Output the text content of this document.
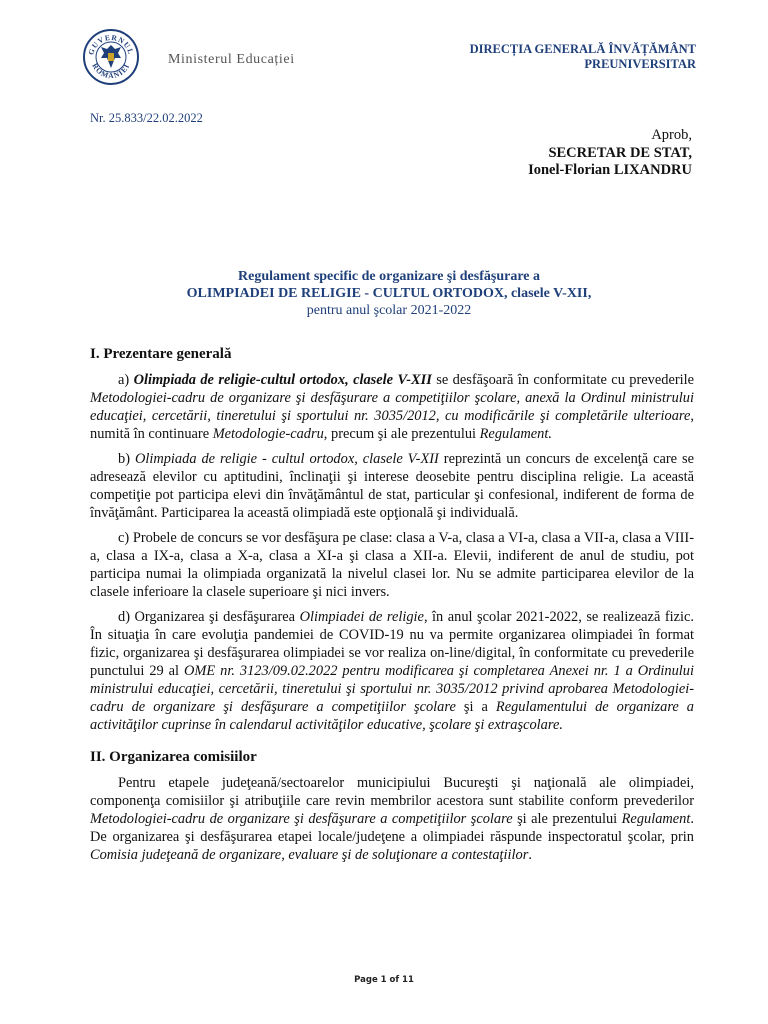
GUVERNUL
ROMÂNIEI	Ministerul Educației
DIRECȚIA GENERALĂ ÎNVĂȚĂMÂNT
PREUNIVERSITAR
Nr. 25.833/22.02.2022
Aprob,
SECRETAR DE STAT,
Ionel-Florian LIXANDRU
Regulament specific de organizare şi desfăşurare a
OLIMPIADEI DE RELIGIE - CULTUL ORTODOX, clasele V-XII,
pentru anul şcolar 2021-2022
I. Prezentare generală

a) Olimpiada de religie-cultul ortodox, clasele V-XII se desfăşoară în conformitate cu prevederile Metodologiei-cadru de organizare şi desfăşurare a competiţiilor şcolare, anexă la Ordinul ministrului educaţiei, cercetării, tineretului şi sportului nr. 3035/2012, cu modificările şi completările ulterioare, numită în continuare Metodologie-cadru, precum şi ale prezentului Regulament.

b) Olimpiada de religie - cultul ortodox, clasele V-XII reprezintă un concurs de excelenţă care se adresează elevilor cu aptitudini, înclinaţii şi interese deosebite pentru disciplina religie. La această competiţie pot participa elevi din învăţământul de stat, particular şi confesional, indiferent de forma de învăţământ. Participarea la această olimpiadă este opţională şi individuală.

c) Probele de concurs se vor desfăşura pe clase: clasa a V-a, clasa a VI-a, clasa a VII-a, clasa a VIII-a, clasa a IX-a, clasa a X-a, clasa a XI-a şi clasa a XII-a. Elevii, indiferent de anul de studiu, pot participa numai la olimpiada organizată la nivelul clasei lor. Nu se admite participarea elevilor de la clasele inferioare la clasele superioare şi nici invers.

d) Organizarea şi desfăşurarea Olimpiadei de religie, în anul şcolar 2021-2022, se realizează fizic. În situaţia în care evoluţia pandemiei de COVID-19 nu va permite organizarea olimpiadei în format fizic, organizarea şi desfăşurarea olimpiadei se vor realiza on-line/digital, în conformitate cu prevederile punctului 29 al OME nr. 3123/09.02.2022 pentru modificarea şi completarea Anexei nr. 1 a Ordinului ministrului educaţiei, cercetării, tineretului şi sportului nr. 3035/2012 privind aprobarea Metodologiei-cadru de organizare şi desfăşurare a competiţiilor şcolare şi a Regulamentului de organizare a activităţilor cuprinse în calendarul activităţilor educative, şcolare şi extraşcolare.

II. Organizarea comisiilor

Pentru etapele judeţeană/sectoarelor municipiului Bucureşti şi naţională ale olimpiadei, componenţa comisiilor şi atribuţiile care revin membrilor acestora sunt stabilite conform prevederilor Metodologiei-cadru de organizare şi desfăşurare a competiţiilor şcolare şi ale prezentului Regulament. De organizarea şi desfăşurarea etapei locale/judeţene a olimpiadei răspunde inspectoratul şcolar, prin Comisia judeţeană de organizare, evaluare şi de soluţionare a contestaţiilor.

Page 1 of 11
